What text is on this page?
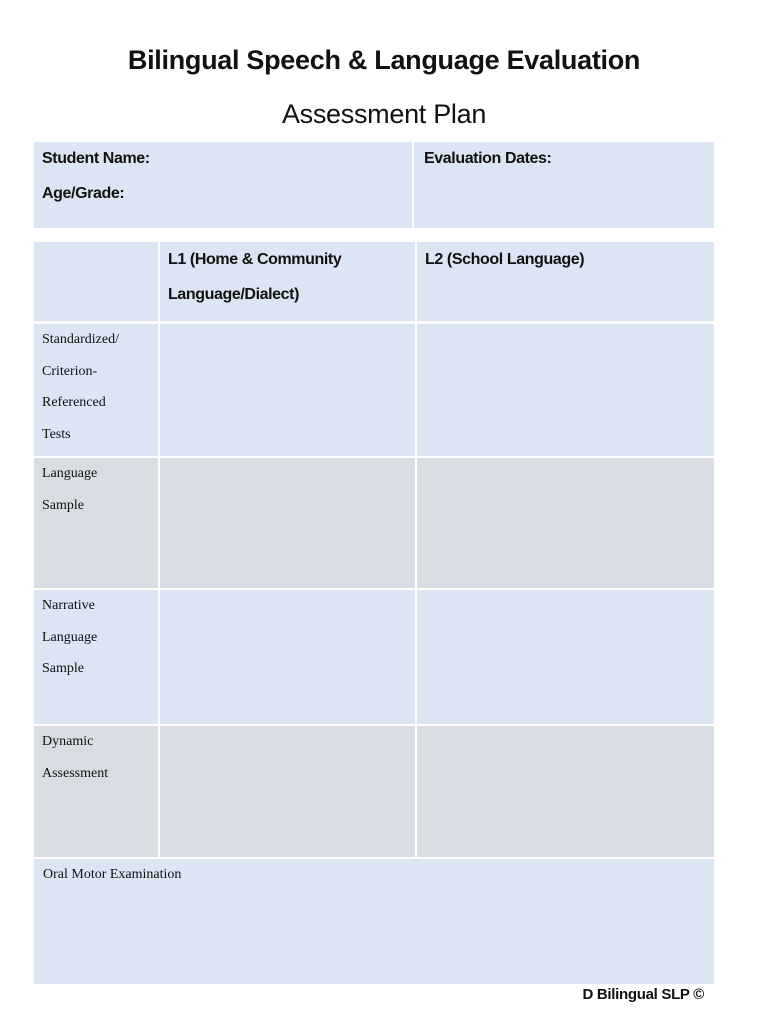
Bilingual Speech & Language Evaluation
Assessment Plan
Student Name:
Age/Grade:
Evaluation Dates:
L1 (Home & Community
Language/Dialect)
L2 (School Language)
Standardized/
Criterion-
Referenced
Tests
Language
Sample
Narrative
Language
Sample
Dynamic
Assessment
Oral Motor Examination
D Bilingual SLP ©
